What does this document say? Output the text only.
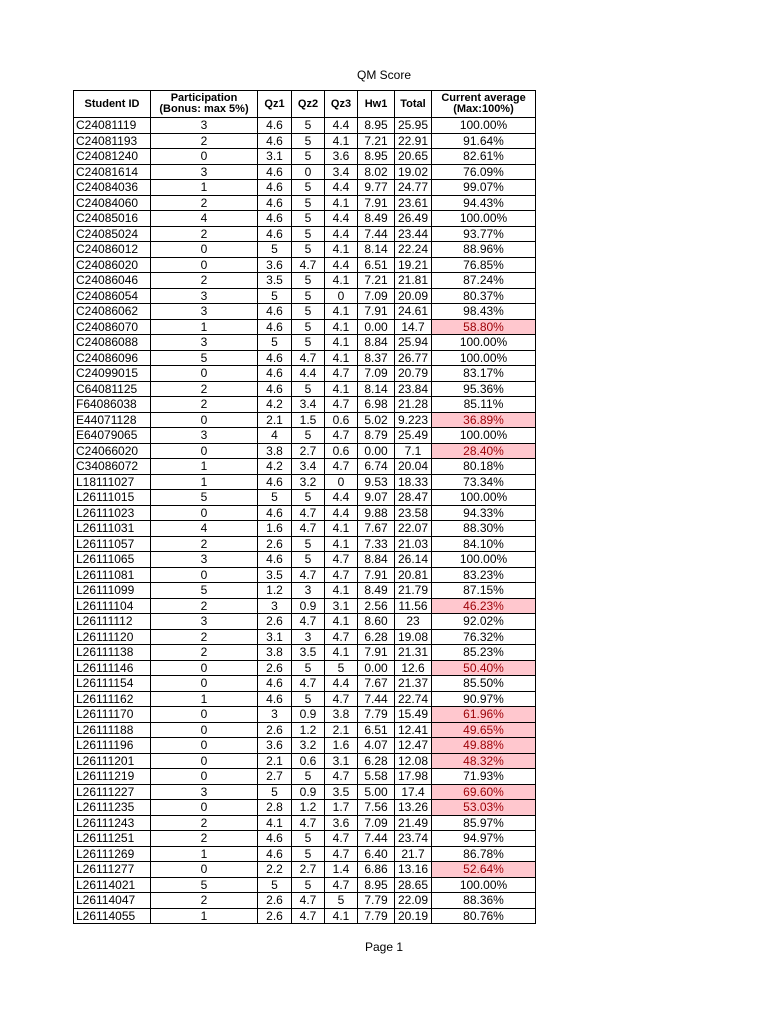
QM Score
Student ID	Participation (Bonus: max 5%)	Qz1	Qz2	Qz3	Hw1	Total	Current average (Max:100%)
C24081119	3	4.6	5	4.4	8.95	25.95	100.00%
C24081193	2	4.6	5	4.1	7.21	22.91	91.64%
C24081240	0	3.1	5	3.6	8.95	20.65	82.61%
C24081614	3	4.6	0	3.4	8.02	19.02	76.09%
C24084036	1	4.6	5	4.4	9.77	24.77	99.07%
C24084060	2	4.6	5	4.1	7.91	23.61	94.43%
C24085016	4	4.6	5	4.4	8.49	26.49	100.00%
C24085024	2	4.6	5	4.4	7.44	23.44	93.77%
C24086012	0	5	5	4.1	8.14	22.24	88.96%
C24086020	0	3.6	4.7	4.4	6.51	19.21	76.85%
C24086046	2	3.5	5	4.1	7.21	21.81	87.24%
C24086054	3	5	5	0	7.09	20.09	80.37%
C24086062	3	4.6	5	4.1	7.91	24.61	98.43%
C24086070	1	4.6	5	4.1	0.00	14.7	58.80%
C24086088	3	5	5	4.1	8.84	25.94	100.00%
C24086096	5	4.6	4.7	4.1	8.37	26.77	100.00%
C24099015	0	4.6	4.4	4.7	7.09	20.79	83.17%
C64081125	2	4.6	5	4.1	8.14	23.84	95.36%
F64086038	2	4.2	3.4	4.7	6.98	21.28	85.11%
E44071128	0	2.1	1.5	0.6	5.02	9.223	36.89%
E64079065	3	4	5	4.7	8.79	25.49	100.00%
C24066020	0	3.8	2.7	0.6	0.00	7.1	28.40%
C34086072	1	4.2	3.4	4.7	6.74	20.04	80.18%
L18111027	1	4.6	3.2	0	9.53	18.33	73.34%
L26111015	5	5	5	4.4	9.07	28.47	100.00%
L26111023	0	4.6	4.7	4.4	9.88	23.58	94.33%
L26111031	4	1.6	4.7	4.1	7.67	22.07	88.30%
L26111057	2	2.6	5	4.1	7.33	21.03	84.10%
L26111065	3	4.6	5	4.7	8.84	26.14	100.00%
L26111081	0	3.5	4.7	4.7	7.91	20.81	83.23%
L26111099	5	1.2	3	4.1	8.49	21.79	87.15%
L26111104	2	3	0.9	3.1	2.56	11.56	46.23%
L26111112	3	2.6	4.7	4.1	8.60	23	92.02%
L26111120	2	3.1	3	4.7	6.28	19.08	76.32%
L26111138	2	3.8	3.5	4.1	7.91	21.31	85.23%
L26111146	0	2.6	5	5	0.00	12.6	50.40%
L26111154	0	4.6	4.7	4.4	7.67	21.37	85.50%
L26111162	1	4.6	5	4.7	7.44	22.74	90.97%
L26111170	0	3	0.9	3.8	7.79	15.49	61.96%
L26111188	0	2.6	1.2	2.1	6.51	12.41	49.65%
L26111196	0	3.6	3.2	1.6	4.07	12.47	49.88%
L26111201	0	2.1	0.6	3.1	6.28	12.08	48.32%
L26111219	0	2.7	5	4.7	5.58	17.98	71.93%
L26111227	3	5	0.9	3.5	5.00	17.4	69.60%
L26111235	0	2.8	1.2	1.7	7.56	13.26	53.03%
L26111243	2	4.1	4.7	3.6	7.09	21.49	85.97%
L26111251	2	4.6	5	4.7	7.44	23.74	94.97%
L26111269	1	4.6	5	4.7	6.40	21.7	86.78%
L26111277	0	2.2	2.7	1.4	6.86	13.16	52.64%
L26114021	5	5	5	4.7	8.95	28.65	100.00%
L26114047	2	2.6	4.7	5	7.79	22.09	88.36%
L26114055	1	2.6	4.7	4.1	7.79	20.19	80.76%
Page 1
